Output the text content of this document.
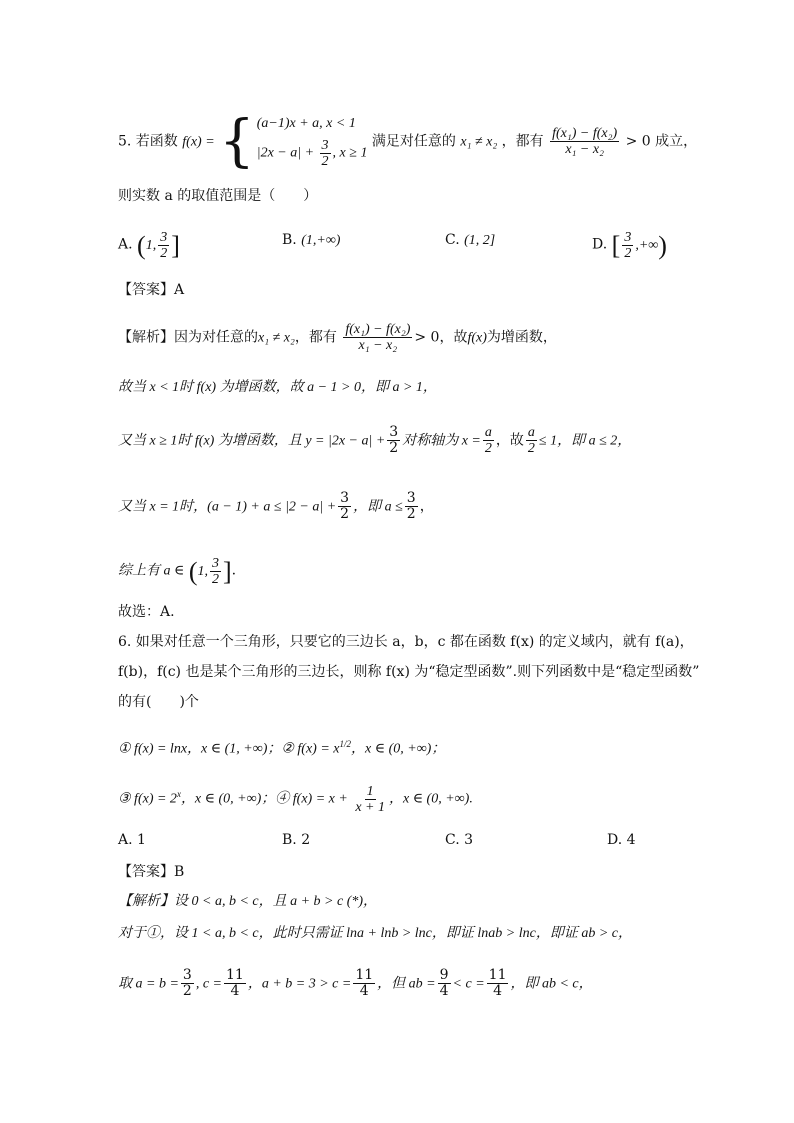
5. 若函数 f(x) = { (a−1)x + a, x < 1
$|2x - a| + \frac{3}{2}$ , x ≥ 1
满足对任意的 x₁ ≠ x₂ ，都有 $\frac{\text{f(x₁) − f(x₂)}}{\text{x₁ − x₂}} > 0$ 成立，
则实数 a 的取值范围是（　　）
A. (1, $\frac{3}{2}$ ]	B. (1,+∞)	C. (1, 2]	D. [ $\frac{3}{2}$ ,+∞)
【答案】A
【解析】因为对任意的x₁ ≠ x₂，都有 $\frac{\text{f(x₁) − f(x₂)}}{\text{x₁ − x₂}} > 0$，故f(x)为增函数，
故当 x < 1时 f(x) 为增函数，故 a − 1 > 0，即 a > 1，
又当 x ≥ 1时 f(x) 为增函数，且 $y = |2x - a| + \frac{3}{2}$ 对称轴为 $x = \frac{a}{2}$ ，故 $\frac{a}{2} \le 1$，即 a ≤ 2，
又当 x = 1时，$(a - 1) + a \le |2 - a| + \frac{3}{2}$ ，即 $a \le \frac{3}{2}$ ，
综上有 a ∈ (1, $\frac{3}{2}$ ].
故选：A.
6. 如果对任意一个三角形，只要它的三边长 a，b，c 都在函数 f(x) 的定义域内，就有 f(a)，
f(b)，f(c) 也是某个三角形的三边长，则称 f(x) 为“稳定型函数”.则下列函数中是“稳定型函数”
的有(　　)个
① f(x) = lnx，x ∈ (1, +∞)；② $f(x) = x^{1/2}$，x ∈ (0, +∞)；
③ $f(x) = 2^x$，x ∈ (0, +∞)；④ $f(x) = x + \frac{1}{x + 1}$ ，x ∈ (0, +∞).
A. 1	B. 2	C. 3	D. 4
【答案】B
【解析】设 0 < a, b < c，且 a + b > c (*)，
对于①，设 1 < a, b < c，此时只需证 lna + lnb > lnc，即证 lnab > lnc，即证 ab > c，
取 $a = b = \frac{3}{2}$ , $c = \frac{11}{4}$ ，$a + b = 3 > c = \frac{11}{4}$ ，但 ab = $\frac{9}{4} < c = \frac{11}{4}$ ，即 ab < c，
